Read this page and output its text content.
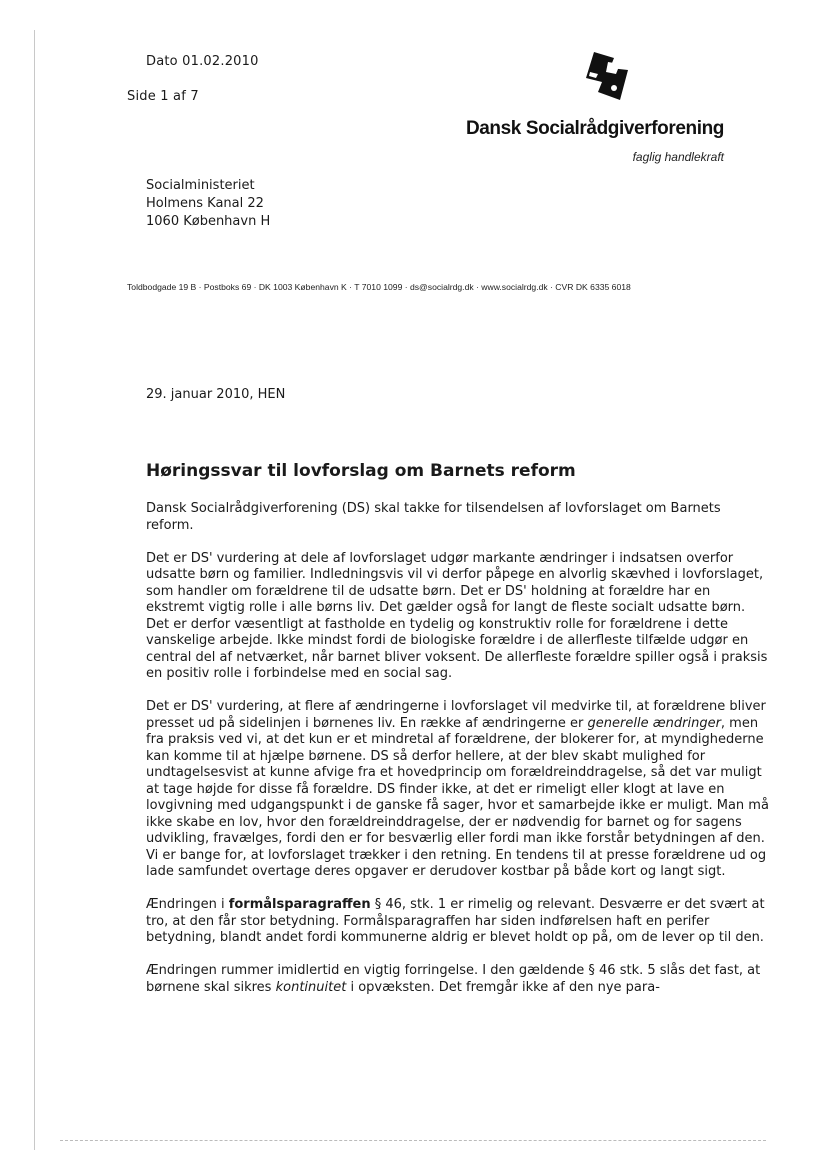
Dato 01.02.2010
Side 1 af 7
Dansk Socialrådgiverforening
faglig handlekraft
Socialministeriet
Holmens Kanal 22
1060 København H
Toldbodgade 19 B · Postboks 69 · DK 1003 København K · T 7010 1099 · ds@socialrdg.dk · www.socialrdg.dk · CVR DK 6335 6018
29. januar 2010, HEN
Høringssvar til lovforslag om Barnets reform

Dansk Socialrådgiverforening (DS) skal takke for tilsendelsen af lovforslaget om Barnets reform.

Det er DS' vurdering at dele af lovforslaget udgør markante ændringer i indsatsen overfor udsatte børn og familier. Indledningsvis vil vi derfor påpege en alvorlig skævhed i lovforslaget, som handler om forældrene til de udsatte børn. Det er DS' holdning at forældre har en ekstremt vigtig rolle i alle børns liv. Det gælder også for langt de fleste socialt udsatte børn. Det er derfor væsentligt at fastholde en tydelig og konstruktiv rolle for forældrene i dette vanskelige arbejde. Ikke mindst fordi de biologiske forældre i de allerfleste tilfælde udgør en central del af netværket, når barnet bliver voksent. De allerfleste forældre spiller også i praksis en positiv rolle i forbindelse med en social sag.

Det er DS' vurdering, at flere af ændringerne i lovforslaget vil medvirke til, at forældrene bliver presset ud på sidelinjen i børnenes liv. En række af ændringerne er generelle ændringer, men fra praksis ved vi, at det kun er et mindretal af forældrene, der blokerer for, at myndighederne kan komme til at hjælpe børnene. DS så derfor hellere, at der blev skabt mulighed for undtagelsesvist at kunne afvige fra et hovedprincip om forældreinddragelse, så det var muligt at tage højde for disse få forældre. DS finder ikke, at det er rimeligt eller klogt at lave en lovgivning med udgangspunkt i de ganske få sager, hvor et samarbejde ikke er muligt. Man må ikke skabe en lov, hvor den forældreinddragelse, der er nødvendig for barnet og for sagens udvikling, fravælges, fordi den er for besværlig eller fordi man ikke forstår betydningen af den. Vi er bange for, at lovforslaget trækker i den retning. En tendens til at presse forældrene ud og lade samfundet overtage deres opgaver er derudover kostbar på både kort og langt sigt.

Ændringen i formålsparagraffen § 46, stk. 1 er rimelig og relevant. Desværre er det svært at tro, at den får stor betydning. Formålsparagraffen har siden indførelsen haft en perifer betydning, blandt andet fordi kommunerne aldrig er blevet holdt op på, om de lever op til den.

Ændringen rummer imidlertid en vigtig forringelse. I den gældende § 46 stk. 5 slås det fast, at børnene skal sikres kontinuitet i opvæksten. Det fremgår ikke af den nye para-
